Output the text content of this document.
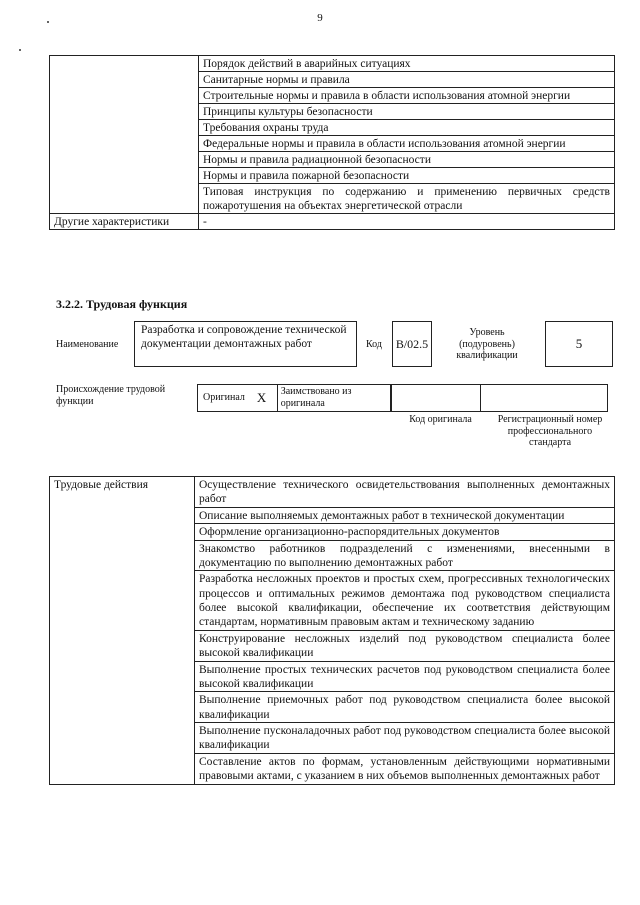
9
	Порядок действий в аварийных ситуациях
	Санитарные нормы и правила
	Строительные нормы и правила в области использования атомной энергии
	Принципы культуры безопасности
	Требования охраны труда
	Федеральные нормы и правила в области использования атомной энергии
	Нормы и правила радиационной безопасности
	Нормы и правила пожарной безопасности
	Типовая инструкция по содержанию и применению первичных средств пожаротушения на объектах энергетической отрасли
Другие характеристики	-
3.2.2. Трудовая функция
Наименование
Разработка и сопровождение технической документации демонтажных работ	Код	B/02.5
Уровень (подуровень) квалификации
5
Происхождение трудовой функции	Оригинал X	Заимствовано из оригинала
Код оригинала	Регистрационный номер профессионального стандарта
Трудовые действия	Осуществление технического освидетельствования выполненных демонтажных работ
Описание выполняемых демонтажных работ в технической документации
Оформление организационно-распорядительных документов
Знакомство работников подразделений с изменениями, внесенными в документацию по выполнению демонтажных работ
Разработка несложных проектов и простых схем, прогрессивных технологических процессов и оптимальных режимов демонтажа под руководством специалиста более высокой квалификации, обеспечение их соответствия действующим стандартам, нормативным правовым актам и техническому заданию
Конструирование несложных изделий под руководством специалиста более высокой квалификации
Выполнение простых технических расчетов под руководством специалиста более высокой квалификации
Выполнение приемочных работ под руководством специалиста более высокой квалификации
Выполнение пусконаладочных работ под руководством специалиста более высокой квалификации
Составление актов по формам, установленным действующими нормативными правовыми актами, с указанием в них объемов выполненных демонтажных работ
